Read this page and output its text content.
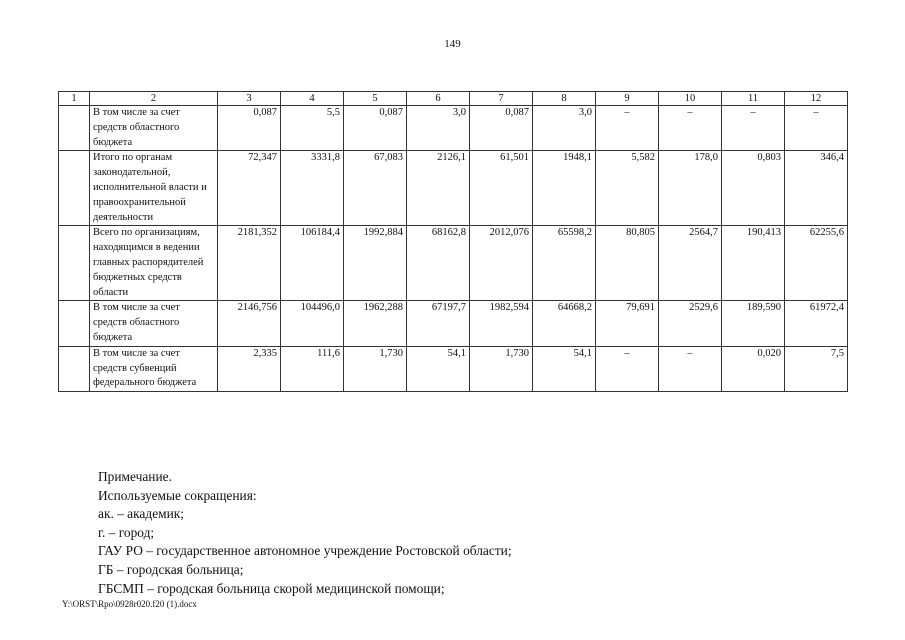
149
1	2	3	4	5	6	7	8	9	10	11	12
	В том числе за счет средств областного бюджета	0,087	5,5	0,087	3,0	0,087	3,0	–	–	–	–
	Итого по органам законодательной, исполнительной власти и правоохранительной деятельности	72,347	3331,8	67,083	2126,1	61,501	1948,1	5,582	178,0	0,803	346,4
	Всего по организациям, находящимся в ведении главных распорядителей бюджетных средств области	2181,352	106184,4	1992,884	68162,8	2012,076	65598,2	80,805	2564,7	190,413	62255,6
	В том числе за счет средств областного бюджета	2146,756	104496,0	1962,288	67197,7	1982,594	64668,2	79,691	2529,6	189,590	61972,4
	В том числе за счет средств субвенций федерального бюджета	2,335	111,6	1,730	54,1	1,730	54,1	–	–	0,020	7,5
Примечание.
Используемые сокращения:
ак. – академик;
г. – город;
ГАУ РО – государственное автономное учреждение Ростовской области;
ГБ – городская больница;
ГБСМП – городская больница скорой медицинской помощи;
Y:\ORST\Rpo\0928r020.f20 (1).docx
